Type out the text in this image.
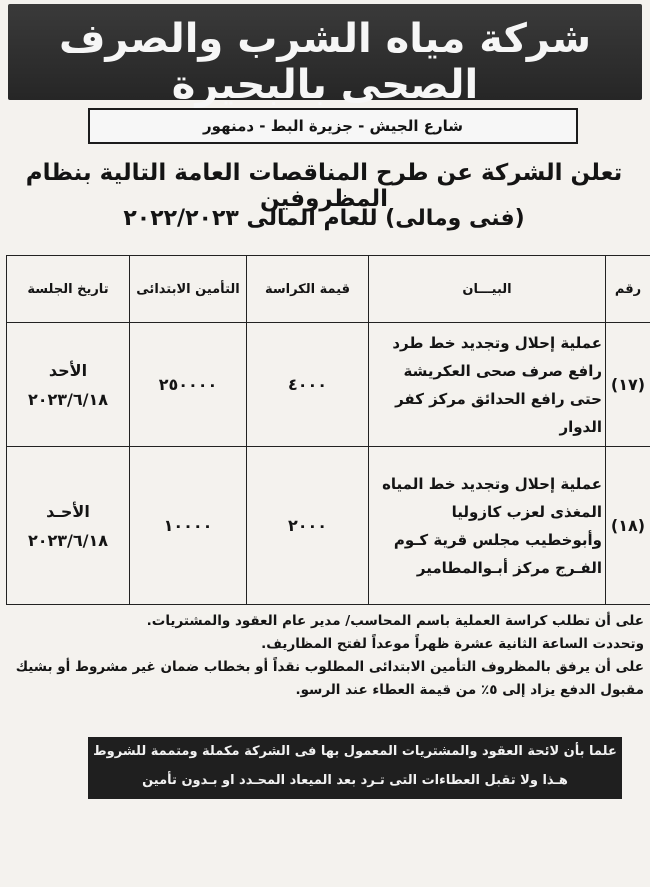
شركة مياه الشرب والصرف الصحى بالبحيرة
شارع الجيش - جزيرة البط - دمنهور
تعلن الشركة عن طرح المناقصات العامة التالية بنظام المظروفين
(فنى ومالى) للعام المالى ٢٠٢٢/٢٠٢٣
رقم	البيـــان	قيمة الكراسة	التأمين الابتدائى	تاريخ الجلسة
(١٧)	عملية إحلال وتجديد خط طرد رافع صرف صحى العكريشة حتى رافع الحدائق مركز كفر الدوار	٤٠٠٠	٢٥٠٠٠٠	الأحد
٢٠٢٣/٦/١٨
(١٨)	عملية إحلال وتجديد خط المياه المغذى لعزب كازوليا وأبوخطيب مجلس قرية كـوم الفـرج مركز أبـوالمطامير	٢٠٠٠	١٠٠٠٠	الأحـد
٢٠٢٣/٦/١٨

على أن تطلب كراسة العملية باسم المحاسب/ مدير عام العقود والمشتريات.

وتحددت الساعة الثانية عشرة ظهراً موعداً لفتح المظاريف.

على أن يرفق بالمظروف التأمين الابتدائى المطلوب نقداً أو بخطاب ضمان غير مشروط أو بشيك

مقبول الدفع يزاد إلى ٥٪ من قيمة العطاء عند الرسو.

علما بأن لائحة العقود والمشتريات المعمول بها فى الشركة مكملة ومتممة للشروط
هـذا ولا تقبل العطاءات التى تـرد بعد الميعاد المحـدد او بـدون تأمين
